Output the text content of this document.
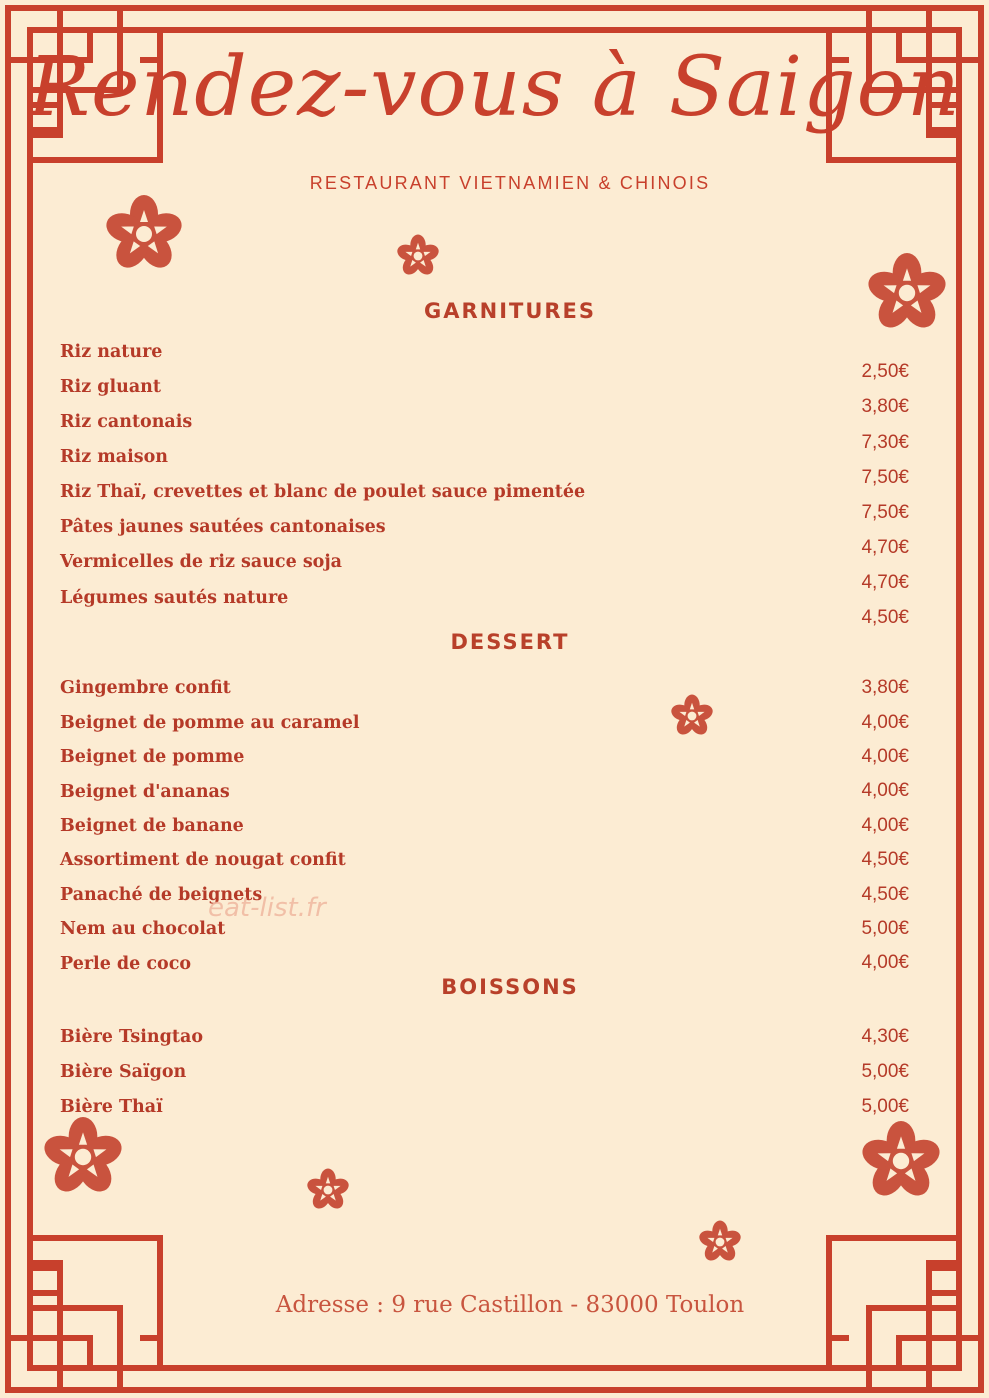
Rendez-vous à Saigon
RESTAURANT VIETNAMIEN & CHINOIS
GARNITURES
Riz nature
Riz gluant
Riz cantonais
Riz maison
Riz Thaï, crevettes et blanc de poulet sauce pimentée
Pâtes jaunes sautées cantonaises
Vermicelles de riz sauce soja
Légumes sautés nature
2,50€
3,80€
7,30€
7,50€
7,50€
4,70€
4,70€
4,50€
DESSERT
Gingembre confit
Beignet de pomme au caramel
Beignet de pomme
Beignet d'ananas
Beignet de banane
Assortiment de nougat confit
Panaché de beignets
Nem au chocolat
Perle de coco
3,80€
4,00€
4,00€
4,00€
4,00€
4,50€
4,50€
5,00€
4,00€
BOISSONS
Bière Tsingtao
Bière Saïgon
Bière Thaï
4,30€
5,00€
5,00€
eat-list.fr
Adresse : 9 rue Castillon - 83000 Toulon
